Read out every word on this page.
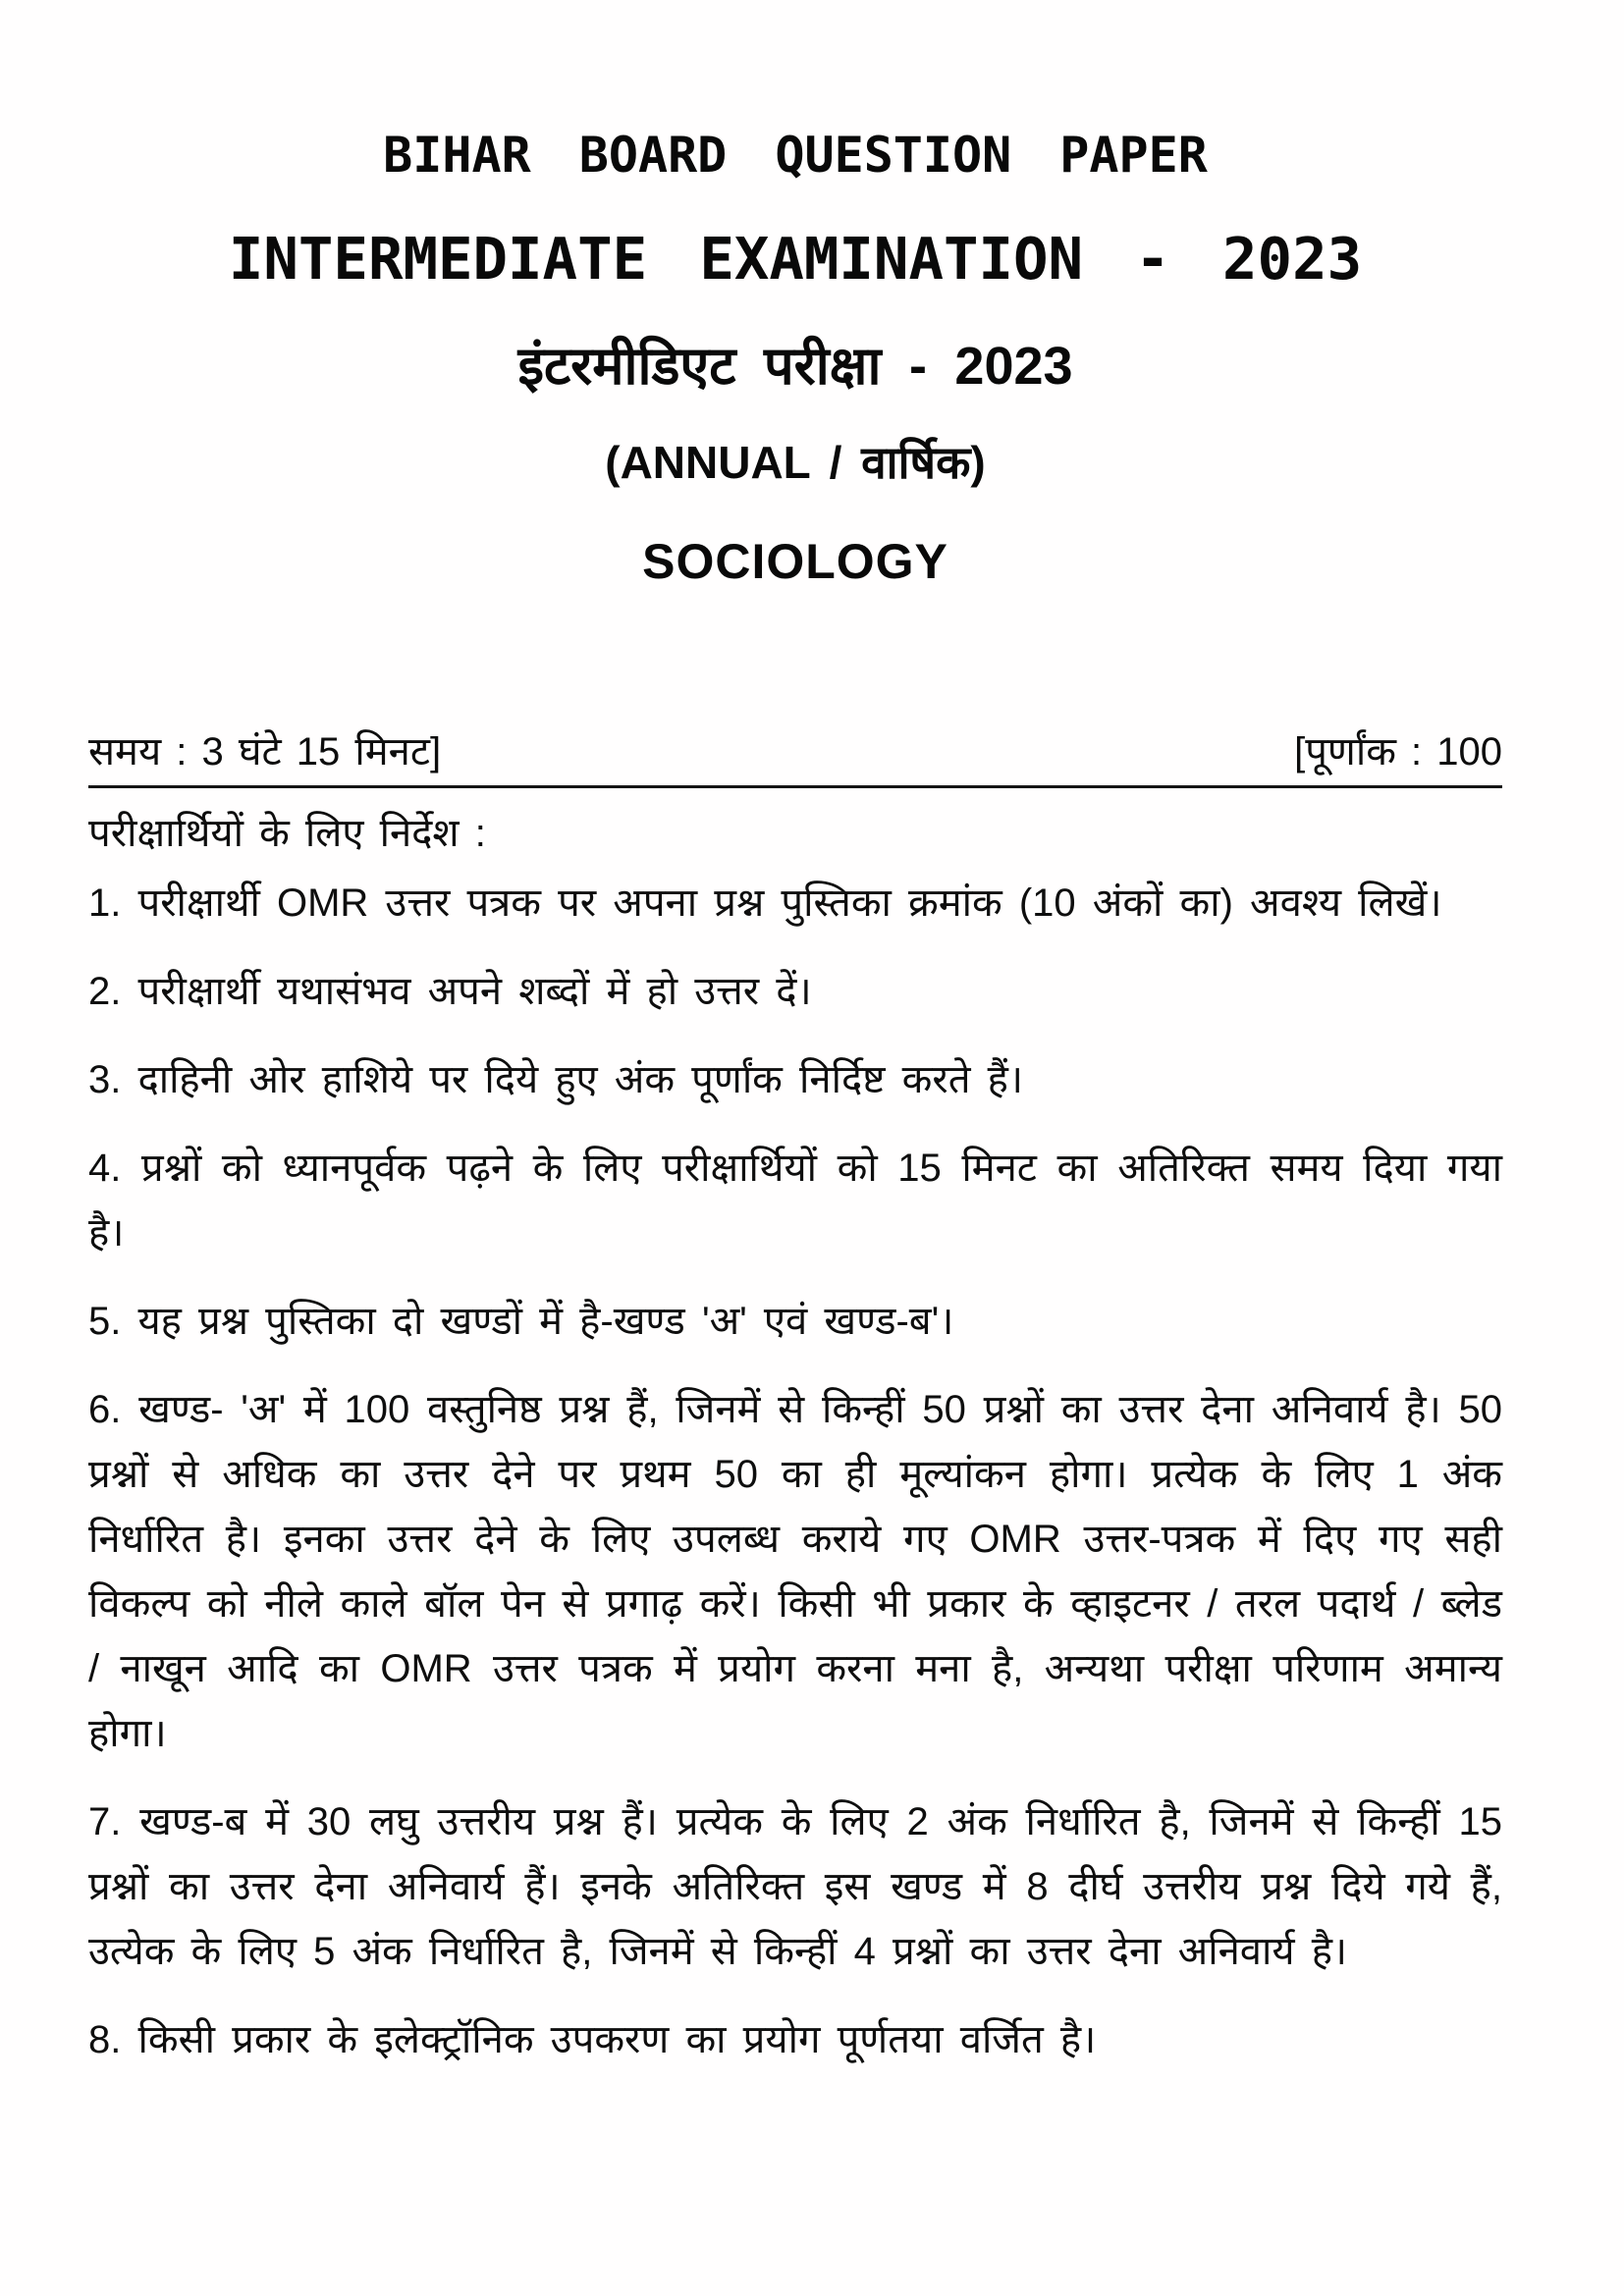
BIHAR BOARD QUESTION PAPER
INTERMEDIATE EXAMINATION - 2023
इंटरमीडिएट परीक्षा - 2023
(ANNUAL / वार्षिक)
SOCIOLOGY
समय : 3 घंटे 15 मिनट]	[पूर्णांक : 100

परीक्षार्थियों के लिए निर्देश :

1. परीक्षार्थी OMR उत्तर पत्रक पर अपना प्रश्न पुस्तिका क्रमांक (10 अंकों का) अवश्य लिखें।

2. परीक्षार्थी यथासंभव अपने शब्दों में हो उत्तर दें।

3. दाहिनी ओर हाशिये पर दिये हुए अंक पूर्णांक निर्दिष्ट करते हैं।

4. प्रश्नों को ध्यानपूर्वक पढ़ने के लिए परीक्षार्थियों को 15 मिनट का अतिरिक्त समय दिया गया है।

5. यह प्रश्न पुस्तिका दो खण्डों में है-खण्ड 'अ' एवं खण्ड-ब'।

6. खण्ड- 'अ' में 100 वस्तुनिष्ठ प्रश्न हैं, जिनमें से किन्हीं 50 प्रश्नों का उत्तर देना अनिवार्य है। 50 प्रश्नों से अधिक का उत्तर देने पर प्रथम 50 का ही मूल्यांकन होगा। प्रत्येक के लिए 1 अंक निर्धारित है। इनका उत्तर देने के लिए उपलब्ध कराये गए OMR उत्तर-पत्रक में दिए गए सही विकल्प को नीले काले बॉल पेन से प्रगाढ़ करें। किसी भी प्रकार के व्हाइटनर / तरल पदार्थ / ब्लेड / नाखून आदि का OMR उत्तर पत्रक में प्रयोग करना मना है, अन्यथा परीक्षा परिणाम अमान्य होगा।

7. खण्ड-ब में 30 लघु उत्तरीय प्रश्न हैं। प्रत्येक के लिए 2 अंक निर्धारित है, जिनमें से किन्हीं 15 प्रश्नों का उत्तर देना अनिवार्य हैं। इनके अतिरिक्त इस खण्ड में 8 दीर्घ उत्तरीय प्रश्न दिये गये हैं, उत्येक के लिए 5 अंक निर्धारित है, जिनमें से किन्हीं 4 प्रश्नों का उत्तर देना अनिवार्य है।

8. किसी प्रकार के इलेक्ट्रॉनिक उपकरण का प्रयोग पूर्णतया वर्जित है।
